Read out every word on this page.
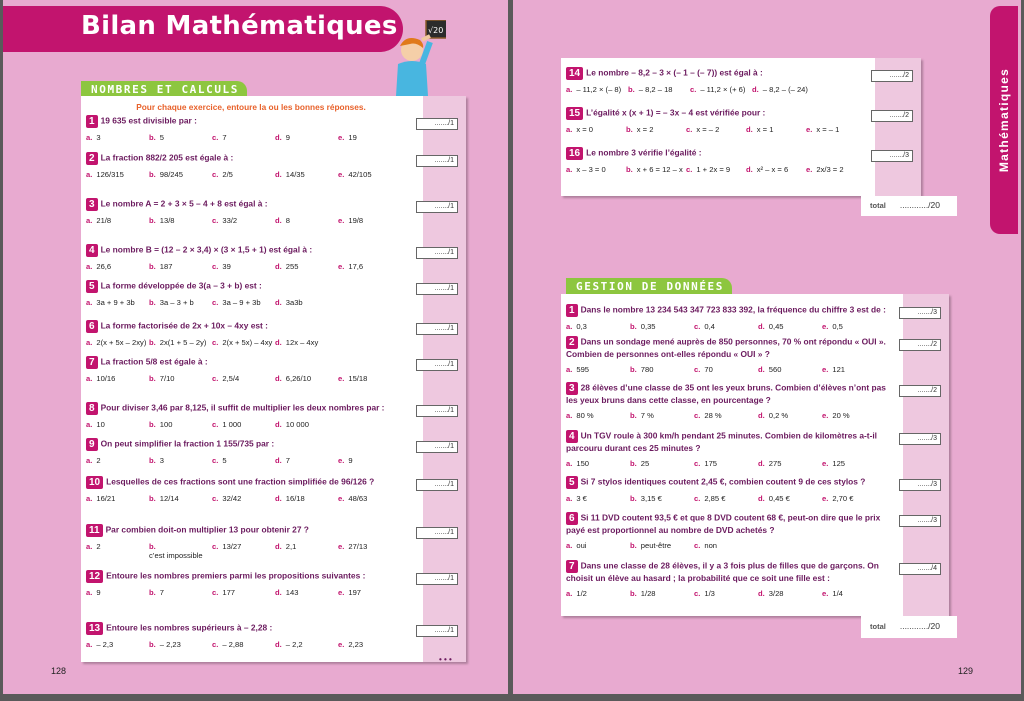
Bilan Mathématiques	√20
NOMBRES ET CALCULS
Pour chaque exercice, entoure la ou les bonnes réponses.
1 19 635 est divisible par :
a. 3	b. 5	c. 7	d. 9	e. 19
......./1
2 La fraction 882/2 205 est égale à :
a. 126/315	b. 98/245	c. 2/5	d. 14/35	e. 42/105
......./1
3 Le nombre A = 2 + 3 × 5 – 4 + 8 est égal à :
a. 21/8	b. 13/8	c. 33/2	d. 8	e. 19/8
......./1
4 Le nombre B = (12 – 2 × 3,4) × (3 × 1,5 + 1) est égal à :
a. 26,6	b. 187	c. 39	d. 255	e. 17,6
......./1
5 La forme développée de 3(a – 3 + b) est :
a. 3a + 9 + 3b	b. 3a – 3 + b	c. 3a – 9 + 3b	d. 3a3b
......./1
6 La forme factorisée de 2x + 10x – 4xy est :
a. 2(x + 5x – 2xy) b. 2x(1 + 5 – 2y) c. 2(x + 5x) – 4xy d. 12x – 4xy
......./1
7 La fraction 5/8 est égale à :
a. 10/16	b. 7/10	c. 2,5/4	d. 6,26/10	e. 15/18
......./1
8 Pour diviser 3,46 par 8,125, il suffit de multiplier les deux nombres par :
a. 10	b. 100	c. 1 000	d. 10 000
......./1
9 On peut simplifier la fraction 1 155/735 par :
a. 2	b. 3	c. 5	d. 7	e. 9
......./1
10 Lesquelles de ces fractions sont une fraction simplifiée de 96/126 ?
a. 16/21	b. 12/14	c. 32/42	d. 16/18	e. 48/63
......./1
11 Par combien doit-on multiplier 13 pour obtenir 27 ?
a. 2	b.c’est impossible
c. 13/27	d. 2,1	e. 27/13
......./1
12 Entoure les nombres premiers parmi les propositions suivantes :
a. 9	b. 7	c. 177	d. 143	e. 197
......./1
13 Entoure les nombres supérieurs à – 2,28 :
a. – 2,3	b. – 2,23	c. – 2,88	d. – 2,2	e. 2,23
......./1
128
• • •
Mathématiques
14 Le nombre – 8,2 – 3 × (– 1 – (– 7)) est égal à :
a. – 11,2 × (– 8) b. – 8,2 – 18	c. – 11,2 × (+ 6) d. – 8,2 – (– 24)
......./2
15 L’égalité x (x + 1) = – 3x – 4 est vérifiée pour :
a. x = 0	b. x = 2	c. x = – 2	d. x = 1	e. x = – 1
......./2
16 Le nombre 3 vérifie l’égalité :
a. x – 3 = 0	b. x + 6 = 12 – x c. 1 + 2x = 9	d. x² – x = 6	e. 2x/3 = 2
......./3
total ............/20
GESTION DE DONNÉES
1 Dans le nombre 13 234 543 347 723 833 392, la fréquence du chiffre 3 est de :
a. 0,3	b. 0,35	c. 0,4	d. 0,45	e. 0,5
......./3
2 Dans un sondage mené auprès de 850 personnes, 70 % ont répondu « OUI ». Combien de personnes ont-elles répondu « OUI » ?
a. 595	b. 780	c. 70	d. 560	e. 121
......./2
3 28 élèves d’une classe de 35 ont les yeux bruns. Combien d’élèves n’ont pas les yeux bruns dans cette classe, en pourcentage ?
a. 80 %	b. 7 %	c. 28 %	d. 0,2 %	e. 20 %
......./2
4 Un TGV roule à 300 km/h pendant 25 minutes. Combien de kilomètres a-t-il parcouru durant ces 25 minutes ?
a. 150	b. 25	c. 175	d. 275	e. 125
......./3
5 Si 7 stylos identiques coutent 2,45 €, combien coutent 9 de ces stylos ?
a. 3 €	b. 3,15 €	c. 2,85 €	d. 0,45 €	e. 2,70 €
......./3
6 Si 11 DVD coutent 93,5 € et que 8 DVD coutent 68 €, peut-on dire que le prix payé est proportionnel au nombre de DVD achetés ?
a. oui	b. peut-être	c. non
......./3
7 Dans une classe de 28 élèves, il y a 3 fois plus de filles que de garçons. On choisit un élève au hasard ; la probabilité que ce soit une fille est :
a. 1/2	b. 1/28	c. 1/3	d. 3/28	e. 1/4
......./4
total ............/20
129
